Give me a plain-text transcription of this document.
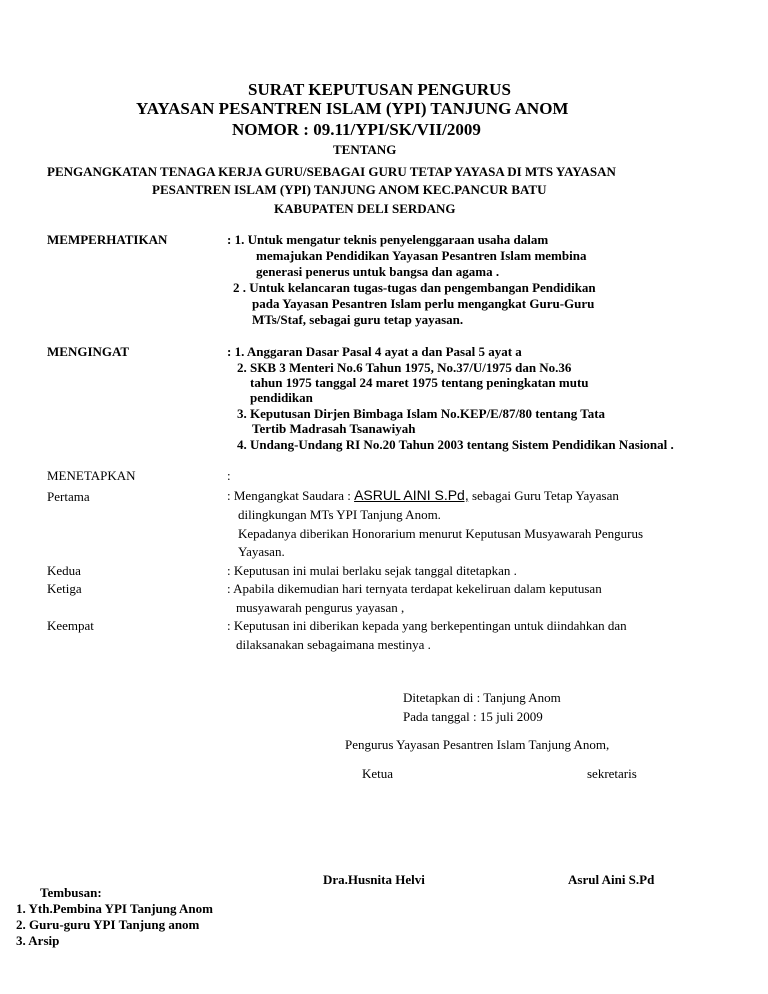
SURAT KEPUTUSAN PENGURUS
YAYASAN PESANTREN ISLAM (YPI) TANJUNG ANOM
NOMOR : 09.11/YPI/SK/VII/2009
TENTANG
PENGANGKATAN TENAGA KERJA GURU/SEBAGAI GURU TETAP YAYASA DI MTS YAYASAN
PESANTREN ISLAM (YPI) TANJUNG ANOM KEC.PANCUR BATU
KABUPATEN DELI SERDANG
MEMPERHATIKAN	: 1. Untuk mengatur teknis penyelenggaraan usaha dalam
memajukan Pendidikan Yayasan Pesantren Islam membina
generasi penerus untuk bangsa dan agama .
2 . Untuk kelancaran tugas-tugas dan pengembangan Pendidikan
pada Yayasan Pesantren Islam perlu mengangkat Guru-Guru
MTs/Staf, sebagai guru tetap yayasan.
MENGINGAT	: 1. Anggaran Dasar Pasal 4 ayat a dan Pasal 5 ayat a
2. SKB 3 Menteri No.6 Tahun 1975, No.37/U/1975 dan No.36
tahun 1975 tanggal 24 maret 1975 tentang peningkatan mutu
pendidikan
3. Keputusan Dirjen Bimbaga Islam No.KEP/E/87/80 tentang Tata
Tertib Madrasah Tsanawiyah
4. Undang-Undang RI No.20 Tahun 2003 tentang Sistem Pendidikan Nasional .
MENETAPKAN	:
Pertama	: Mengangkat Saudara : ASRUL AINI S.Pd, sebagai Guru Tetap Yayasan
dilingkungan MTs YPI Tanjung Anom.
Kepadanya diberikan Honorarium menurut Keputusan Musyawarah Pengurus
Yayasan.
Kedua	: Keputusan ini mulai berlaku sejak tanggal ditetapkan .
Ketiga	: Apabila dikemudian hari ternyata terdapat kekeliruan dalam keputusan
musyawarah pengurus yayasan ,
Keempat	: Keputusan ini diberikan kepada yang berkepentingan untuk diindahkan dan
dilaksanakan sebagaimana mestinya .
Ditetapkan di : Tanjung Anom
Pada tanggal : 15 juli 2009
Pengurus Yayasan Pesantren Islam Tanjung Anom,
Ketua	sekretaris
Dra.Husnita Helvi	Asrul Aini S.Pd
Tembusan:
1. Yth.Pembina YPI Tanjung Anom
2. Guru-guru YPI Tanjung anom
3. Arsip
